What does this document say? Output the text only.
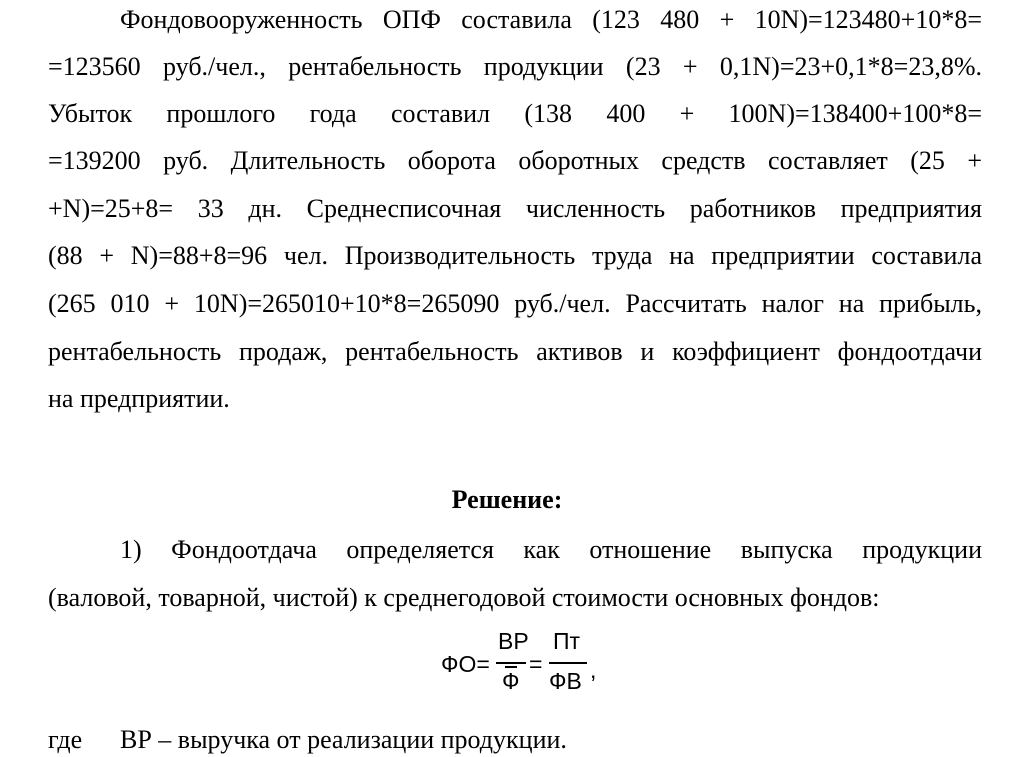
Фондовооруженность ОПФ составила (123 480 + 10N)=123480+10*8=
=123560 руб./чел., рентабельность продукции (23 + 0,1N)=23+0,1*8=23,8%.
Убыток прошлого года составил (138 400 + 100N)=138400+100*8=
=139200 руб. Длительность оборота оборотных средств составляет (25 +
+N)=25+8= 33 дн. Среднесписочная численность работников предприятия
(88 + N)=88+8=96 чел. Производительность труда на предприятии составила
(265 010 + 10N)=265010+10*8=265090 руб./чел. Рассчитать налог на прибыль,
рентабельность продаж, рентабельность активов и коэффициент фондоотдачи
на предприятии.
Решение:
1) Фондоотдача определяется как отношение выпуска продукции
(валовой, товарной, чистой) к среднегодовой стоимости основных фондов:
ФО=
ВР
Ф
=
Пт
ФВ ,
где ВР – выручка от реализации продукции.
